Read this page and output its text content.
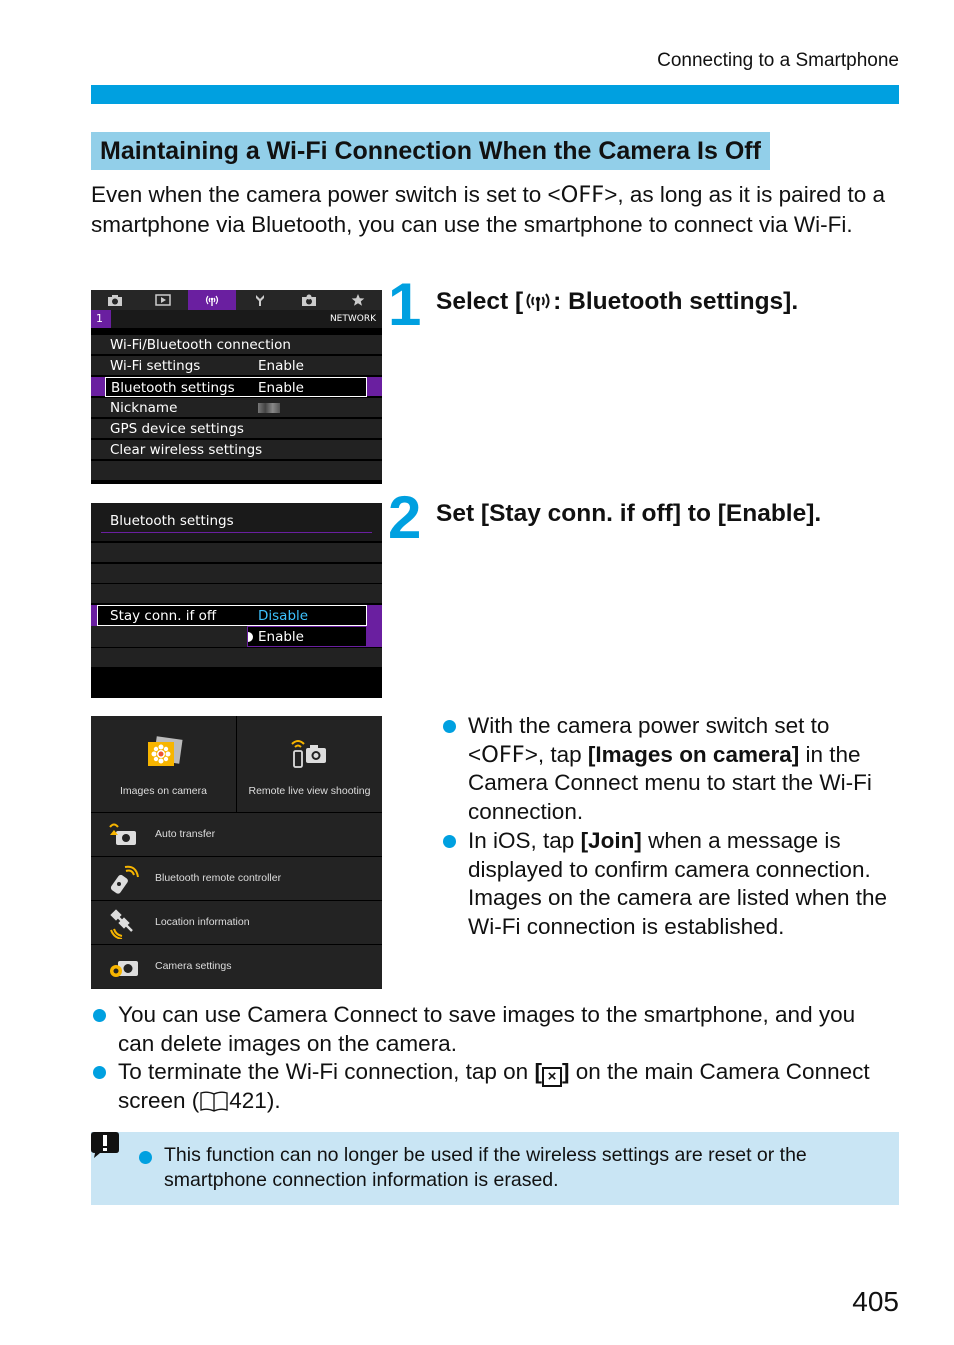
Connecting to a Smartphone
Maintaining a Wi-Fi Connection When the Camera Is Off
Even when the camera power switch is set to <OFF>, as long as it is paired to a smartphone via Bluetooth, you can use the smartphone to connect via Wi-Fi.
1	NETWORK
Wi-Fi/Bluetooth connection
Wi-Fi settings	Enable
Bluetooth settings Enable
Nickname
GPS device settings
Clear wireless settings
1 Select [ : Bluetooth settings].
Bluetooth settings
Stay conn. if off	Disable
Enable
2 Set [Stay conn. if off] to [Enable].
Images on camera	Remote live view shooting
Auto transfer
Bluetooth remote controller
Location information
Camera settings
With the camera power switch set to <OFF>, tap [Images on camera] in the Camera Connect menu to start the Wi-Fi connection.
In iOS, tap [Join] when a message is displayed to confirm camera connection. Images on the camera are listed when the Wi-Fi connection is established.
You can use Camera Connect to save images to the smartphone, and you can delete images on the camera.
To terminate the Wi-Fi connection, tap on [ × ] on the main Camera Connect screen ( 421).
This function can no longer be used if the wireless settings are reset or the smartphone connection information is erased.
405
